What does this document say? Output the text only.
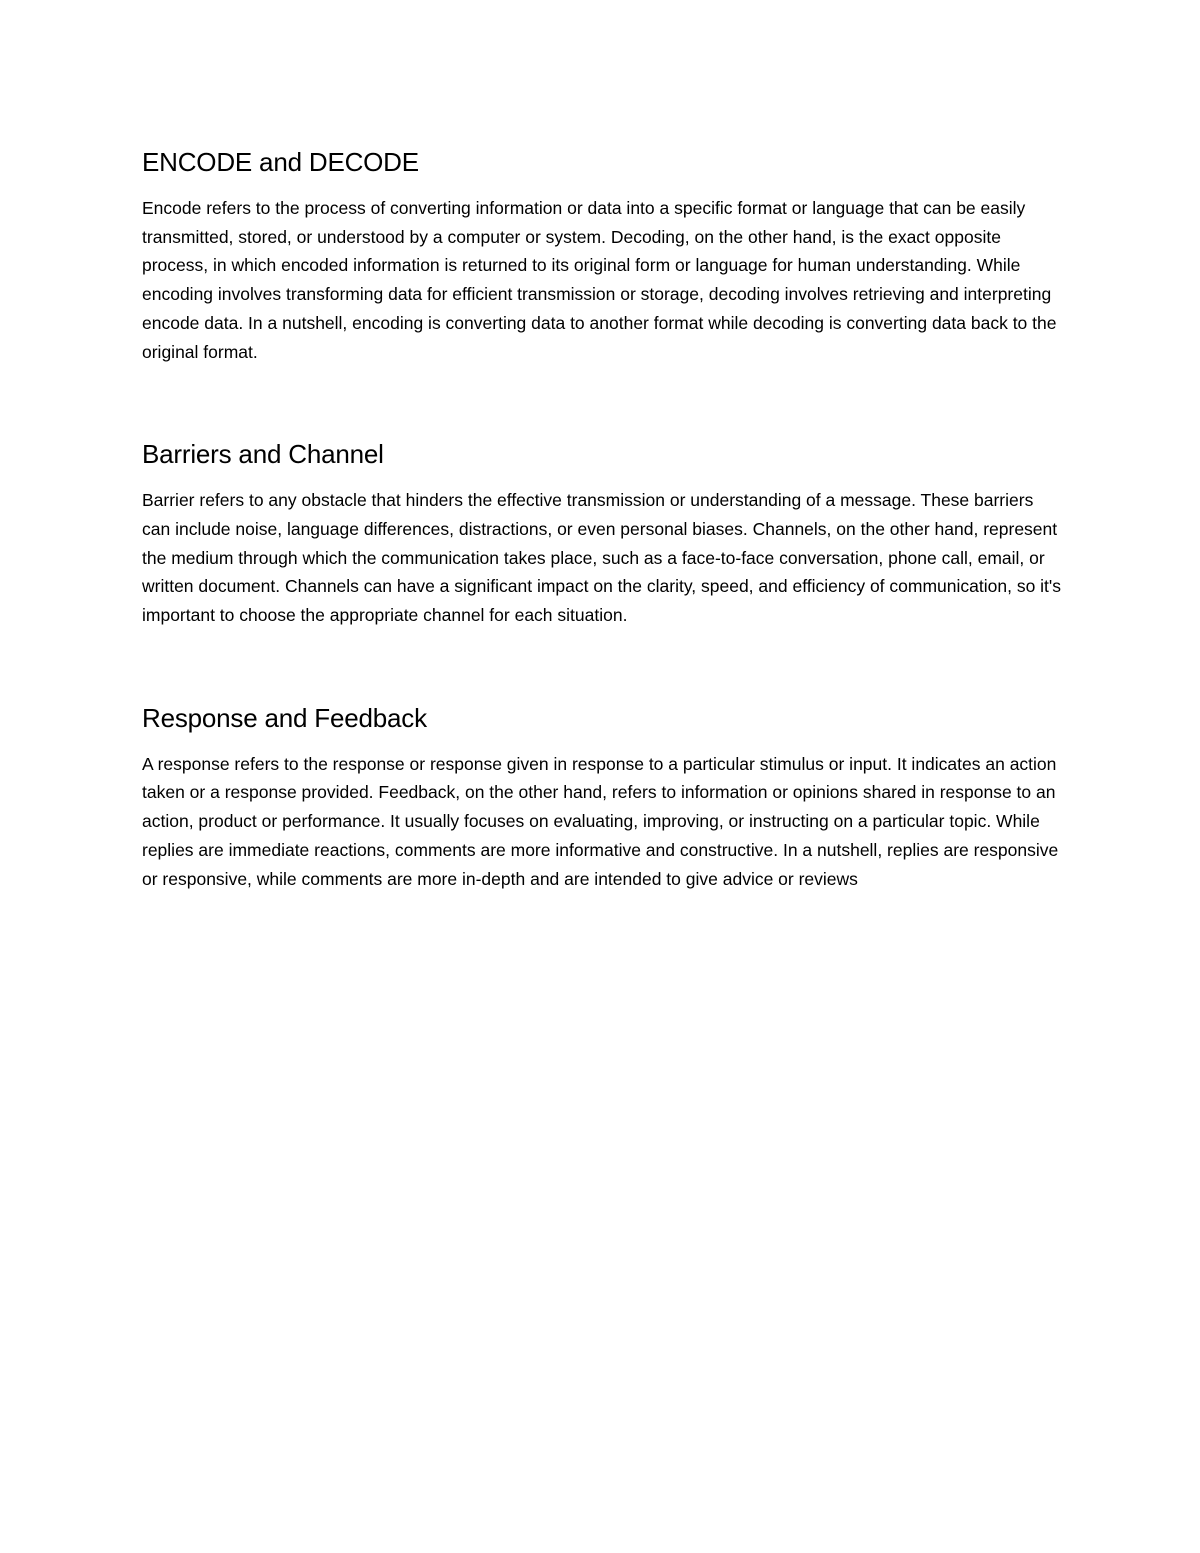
ENCODE and DECODE

Encode refers to the process of converting information or data into a specific format or language that can be easily transmitted, stored, or understood by a computer or system. Decoding, on the other hand, is the exact opposite process, in which encoded information is returned to its original form or language for human understanding. While encoding involves transforming data for efficient transmission or storage, decoding involves retrieving and interpreting encode data. In a nutshell, encoding is converting data to another format while decoding is converting data back to the original format.

Barriers and Channel

Barrier refers to any obstacle that hinders the effective transmission or understanding of a message. These barriers can include noise, language differences, distractions, or even personal biases. Channels, on the other hand, represent the medium through which the communication takes place, such as a face-to-face conversation, phone call, email, or written document. Channels can have a significant impact on the clarity, speed, and efficiency of communication, so it's important to choose the appropriate channel for each situation.

Response and Feedback

A response refers to the response or response given in response to a particular stimulus or input. It indicates an action taken or a response provided. Feedback, on the other hand, refers to information or opinions shared in response to an action, product or performance. It usually focuses on evaluating, improving, or instructing on a particular topic. While replies are immediate reactions, comments are more informative and constructive. In a nutshell, replies are responsive or responsive, while comments are more in-depth and are intended to give advice or reviews
